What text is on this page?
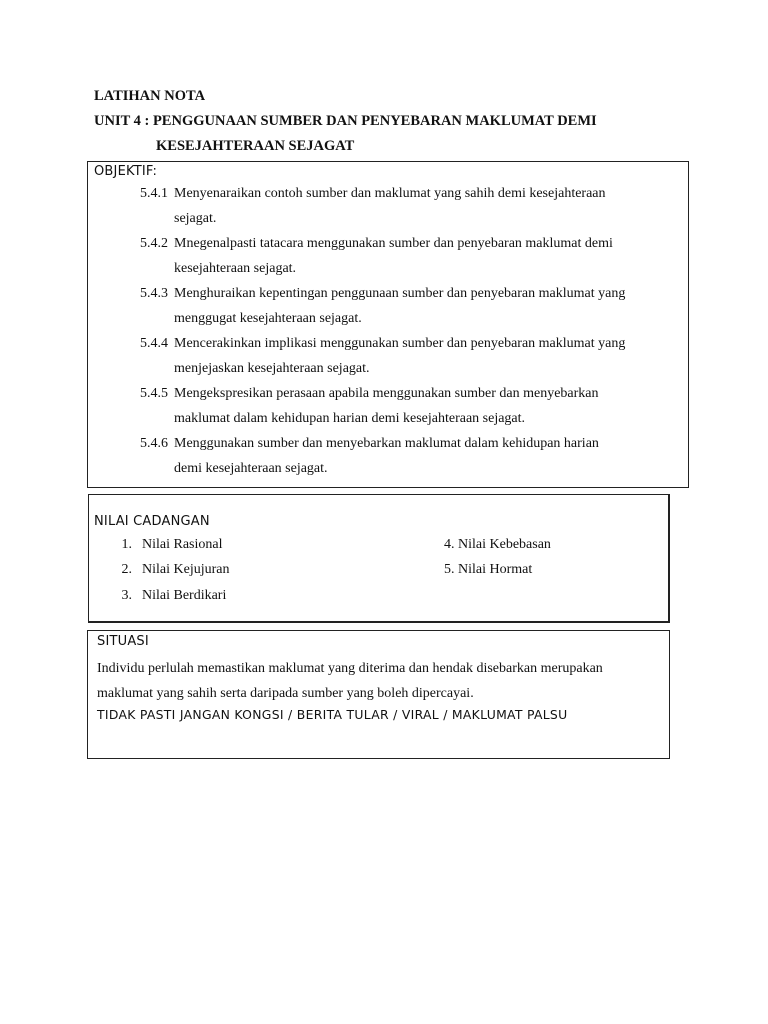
LATIHAN NOTA
UNIT 4 : PENGGUNAAN SUMBER DAN PENYEBARAN MAKLUMAT DEMI
KESEJAHTERAAN SEJAGAT
OBJEKTIF:
5.4.1 Menyenaraikan contoh sumber dan maklumat yang sahih demi kesejahteraan
sejagat.
5.4.2 Mnegenalpasti tatacara menggunakan sumber dan penyebaran maklumat demi
kesejahteraan sejagat.
5.4.3 Menghuraikan kepentingan penggunaan sumber dan penyebaran maklumat yang
menggugat kesejahteraan sejagat.
5.4.4 Mencerakinkan implikasi menggunakan sumber dan penyebaran maklumat yang
menjejaskan kesejahteraan sejagat.
5.4.5 Mengekspresikan perasaan apabila menggunakan sumber dan menyebarkan
maklumat dalam kehidupan harian demi kesejahteraan sejagat.
5.4.6 Menggunakan sumber dan menyebarkan maklumat dalam kehidupan harian
demi kesejahteraan sejagat.
NILAI CADANGAN
1. Nilai Rasional
2. Nilai Kejujuran
3. Nilai Berdikari
4. Nilai Kebebasan
5. Nilai Hormat
SITUASI
Individu perlulah memastikan maklumat yang diterima dan hendak disebarkan merupakan
maklumat yang sahih serta daripada sumber yang boleh dipercayai.
TIDAK PASTI JANGAN KONGSI / BERITA TULAR / VIRAL / MAKLUMAT PALSU
